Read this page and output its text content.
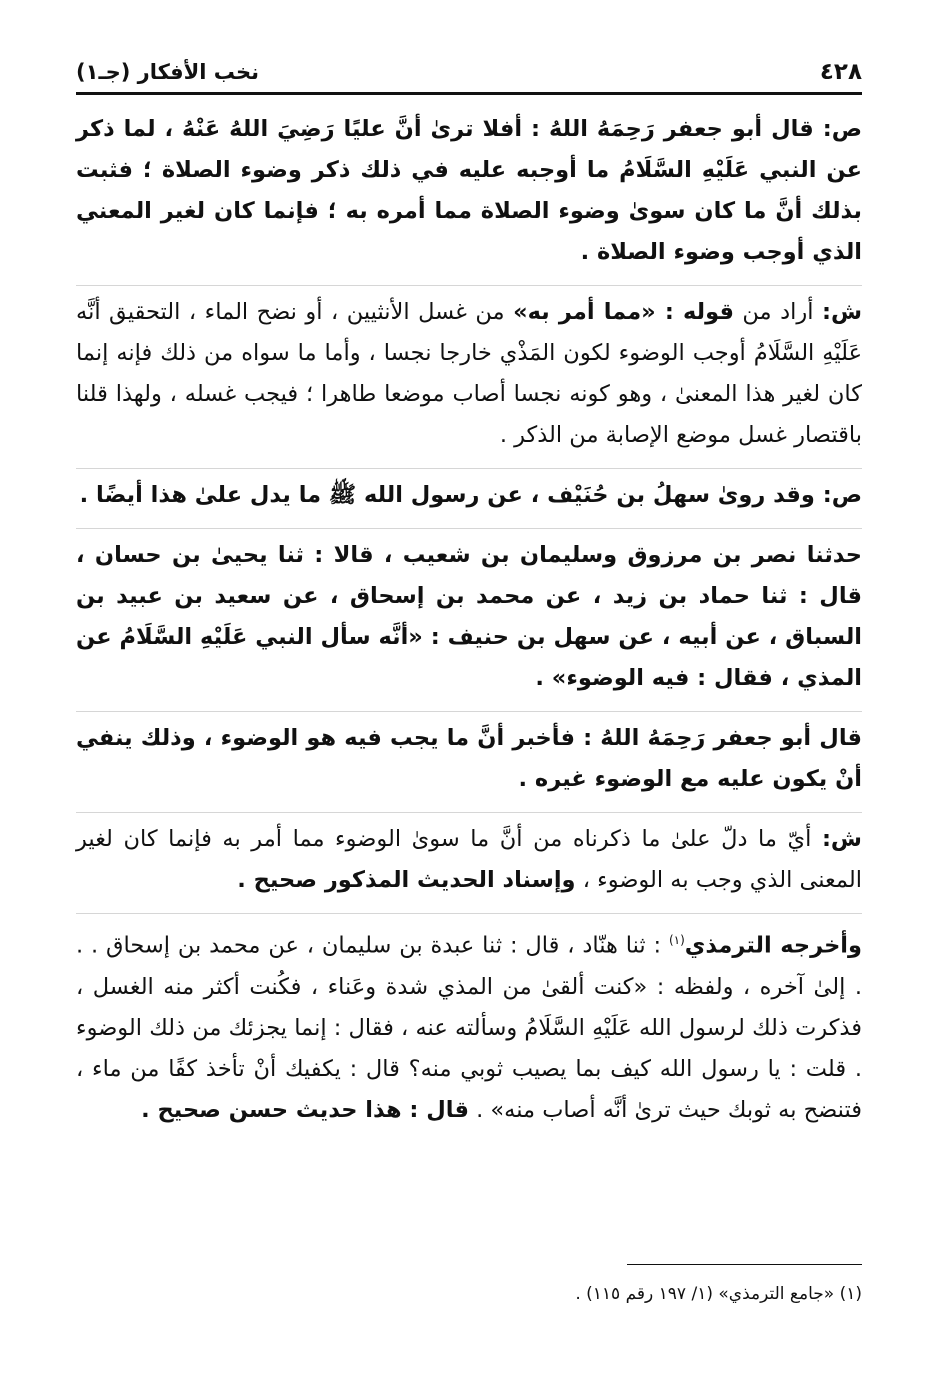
٤٢٨
نخب الأفكار (جـ١)
ص: قال أبو جعفر رَحِمَهُ اللهُ : أفلا ترىٰ أنَّ عليًا رَضِيَ اللهُ عَنْهُ ، لما ذكر عن النبي عَلَيْهِ السَّلَامُ ما أوجبه عليه في ذلك ذكر وضوء الصلاة ؛ فثبت بذلك أنَّ ما كان سوىٰ وضوء الصلاة مما أمره به ؛ فإنما كان لغير المعني الذي أوجب وضوء الصلاة .
ش: أراد من قوله : «مما أمر به» من غسل الأنثيين ، أو نضح الماء ، التحقيق أنَّه عَلَيْهِ السَّلَامُ أوجب الوضوء لكون المَذْي خارجا نجسا ، وأما ما سواه من ذلك فإنه إنما كان لغير هذا المعنىٰ ، وهو كونه نجسا أصاب موضعا طاهرا ؛ فيجب غسله ، ولهذا قلنا باقتصار غسل موضع الإصابة من الذكر .
ص: وقد روىٰ سهلُ بن حُنَيْف ، عن رسول الله ﷺ ما يدل علىٰ هذا أيضًا .
حدثنا نصر بن مرزوق وسليمان بن شعيب ، قالا : ثنا يحيىٰ بن حسان ، قال : ثنا حماد بن زيد ، عن محمد بن إسحاق ، عن سعيد بن عبيد بن السباق ، عن أبيه ، عن سهل بن حنيف : «أنَّه سأل النبي عَلَيْهِ السَّلَامُ عن المذي ، فقال : فيه الوضوء» .
قال أبو جعفر رَحِمَهُ اللهُ : فأخبر أنَّ ما يجب فيه هو الوضوء ، وذلك ينفي أنْ يكون عليه مع الوضوء غيره .
ش: أيّ ما دلّ علىٰ ما ذكرناه من أنَّ ما سوىٰ الوضوء مما أمر به فإنما كان لغير المعنى الذي وجب به الوضوء ، وإسناد الحديث المذكور صحيح .
وأخرجه الترمذي$^{(١)}$ : ثنا هنّاد ، قال : ثنا عبدة بن سليمان ، عن محمد بن إسحاق . . . إلىٰ آخره ، ولفظه : «كنت ألقىٰ من المذي شدة وعَناء ، فكُنت أكثر منه الغسل ، فذكرت ذلك لرسول الله عَلَيْهِ السَّلَامُ وسألته عنه ، فقال : إنما يجزئك من ذلك الوضوء . قلت : يا رسول الله كيف بما يصيب ثوبي منه؟ قال : يكفيك أنْ تأخذ كفًا من ماء ، فتنضح به ثوبك حيث ترىٰ أنَّه أصاب منه» . قال : هذا حديث حسن صحيح .
(١) «جامع الترمذي» (١/ ١٩٧ رقم ١١٥) .
